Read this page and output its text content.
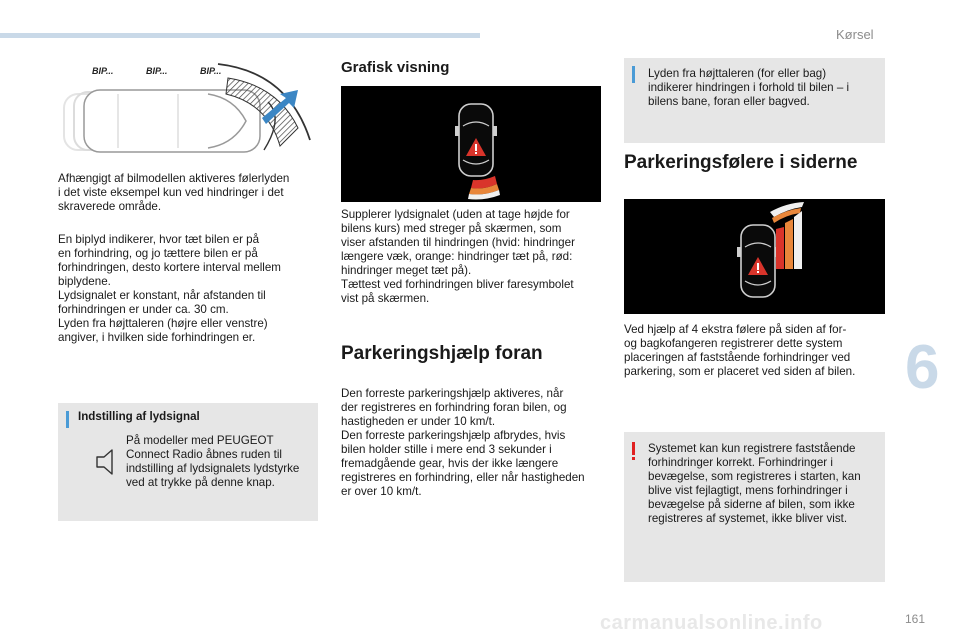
Kørsel
6
161
carmanualsonline.info
BIP...	BIP...	BIP...

Afhængigt af bilmodellen aktiveres følerlyden
i det viste eksempel kun ved hindringer i det
skraverede område.

En biplyd indikerer, hvor tæt bilen er på
en forhindring, og jo tættere bilen er på
forhindringen, desto kortere interval mellem
biplydene.
Lydsignalet er konstant, når afstanden til
forhindringen er under ca. 30 cm.
Lyden fra højttaleren (højre eller venstre)
angiver, i hvilken side forhindringen er.

Indstilling af lydsignal

På modeller med PEUGEOT
Connect Radio åbnes ruden til
indstilling af lydsignalets lydstyrke
ved at trykke på denne knap.

Grafisk visning

Supplerer lydsignalet (uden at tage højde for
bilens kurs) med streger på skærmen, som
viser afstanden til hindringen (hvid: hindringer
længere væk, orange: hindringer tæt på, rød:
hindringer meget tæt på).
Tættest ved forhindringen bliver faresymbolet
vist på skærmen.

Parkeringshjælp foran

Den forreste parkeringshjælp aktiveres, når
der registreres en forhindring foran bilen, og
hastigheden er under 10 km/t.
Den forreste parkeringshjælp afbrydes, hvis
bilen holder stille i mere end 3 sekunder i
fremadgående gear, hvis der ikke længere
registreres en forhindring, eller når hastigheden
er over 10 km/t.

Lyden fra højttaleren (for eller bag)
indikerer hindringen i forhold til bilen – i
bilens bane, foran eller bagved.

Parkeringsfølere i siderne

Ved hjælp af 4 ekstra følere på siden af for-
og bagkofangeren registrerer dette system
placeringen af faststående forhindringer ved
parkering, som er placeret ved siden af bilen.

Systemet kan kun registrere faststående
forhindringer korrekt. Forhindringer i
bevægelse, som registreres i starten, kan
blive vist fejlagtigt, mens forhindringer i
bevægelse på siderne af bilen, som ikke
registreres af systemet, ikke bliver vist.
